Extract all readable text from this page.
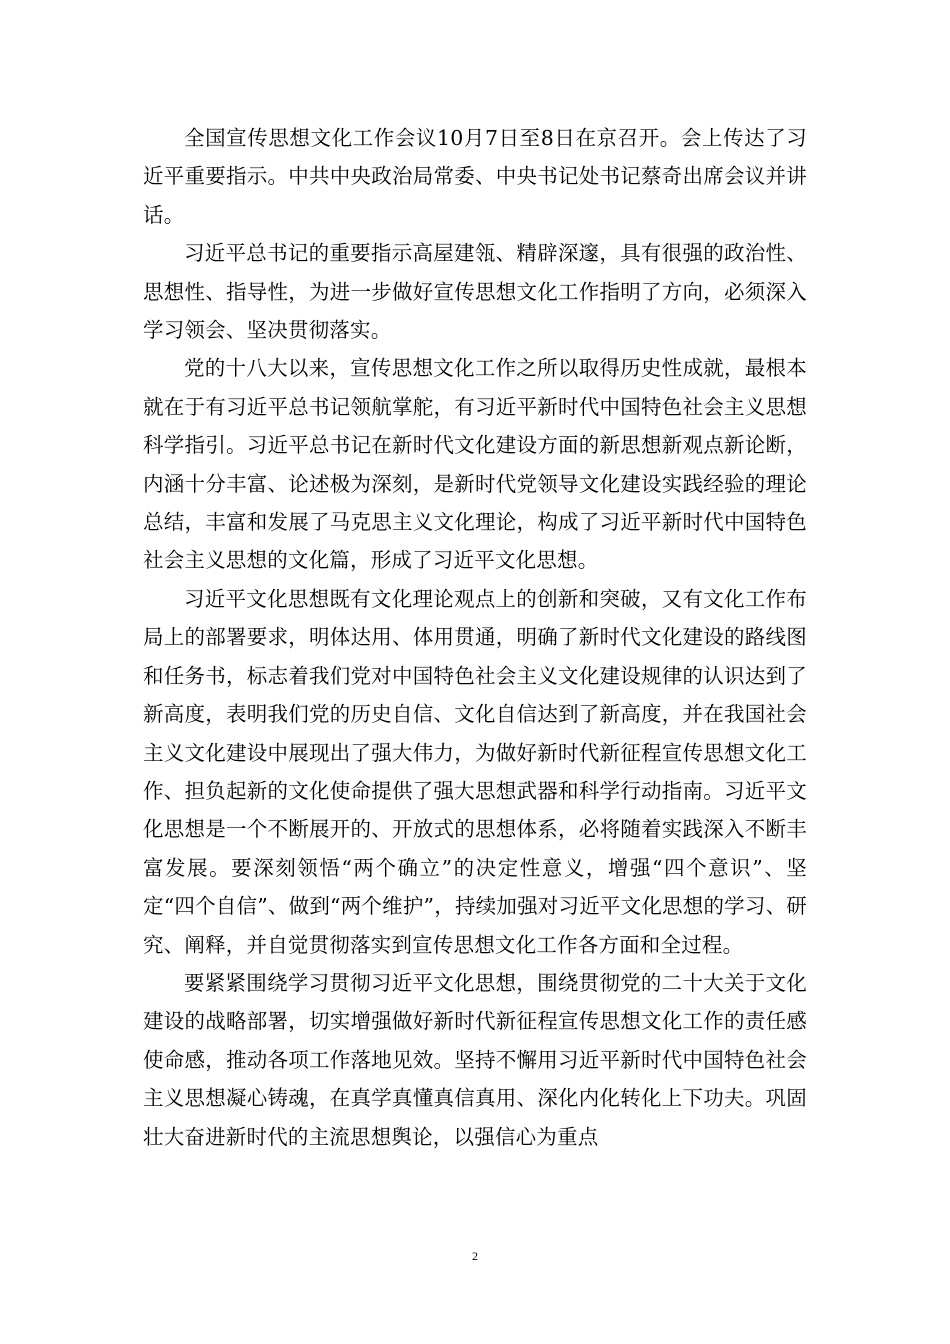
全国宣传思想文化工作会议10月7日至8日在京召开。会上传达了习近平重要指示。中共中央政治局常委、中央书记处书记蔡奇出席会议并讲话。

习近平总书记的重要指示高屋建瓴、精辟深邃，具有很强的政治性、思想性、指导性，为进一步做好宣传思想文化工作指明了方向，必须深入学习领会、坚决贯彻落实。

党的十八大以来，宣传思想文化工作之所以取得历史性成就，最根本就在于有习近平总书记领航掌舵，有习近平新时代中国特色社会主义思想科学指引。习近平总书记在新时代文化建设方面的新思想新观点新论断，内涵十分丰富、论述极为深刻，是新时代党领导文化建设实践经验的理论总结，丰富和发展了马克思主义文化理论，构成了习近平新时代中国特色社会主义思想的文化篇，形成了习近平文化思想。

习近平文化思想既有文化理论观点上的创新和突破，又有文化工作布局上的部署要求，明体达用、体用贯通，明确了新时代文化建设的路线图和任务书，标志着我们党对中国特色社会主义文化建设规律的认识达到了新高度，表明我们党的历史自信、文化自信达到了新高度，并在我国社会主义文化建设中展现出了强大伟力，为做好新时代新征程宣传思想文化工作、担负起新的文化使命提供了强大思想武器和科学行动指南。习近平文化思想是一个不断展开的、开放式的思想体系，必将随着实践深入不断丰富发展。要深刻领悟“两个确立”的决定性意义，增强“四个意识”、坚定“四个自信”、做到“两个维护”，持续加强对习近平文化思想的学习、研究、阐释，并自觉贯彻落实到宣传思想文化工作各方面和全过程。

要紧紧围绕学习贯彻习近平文化思想，围绕贯彻党的二十大关于文化建设的战略部署，切实增强做好新时代新征程宣传思想文化工作的责任感使命感，推动各项工作落地见效。坚持不懈用习近平新时代中国特色社会主义思想凝心铸魂，在真学真懂真信真用、深化内化转化上下功夫。巩固壮大奋进新时代的主流思想舆论，以强信心为重点

2
